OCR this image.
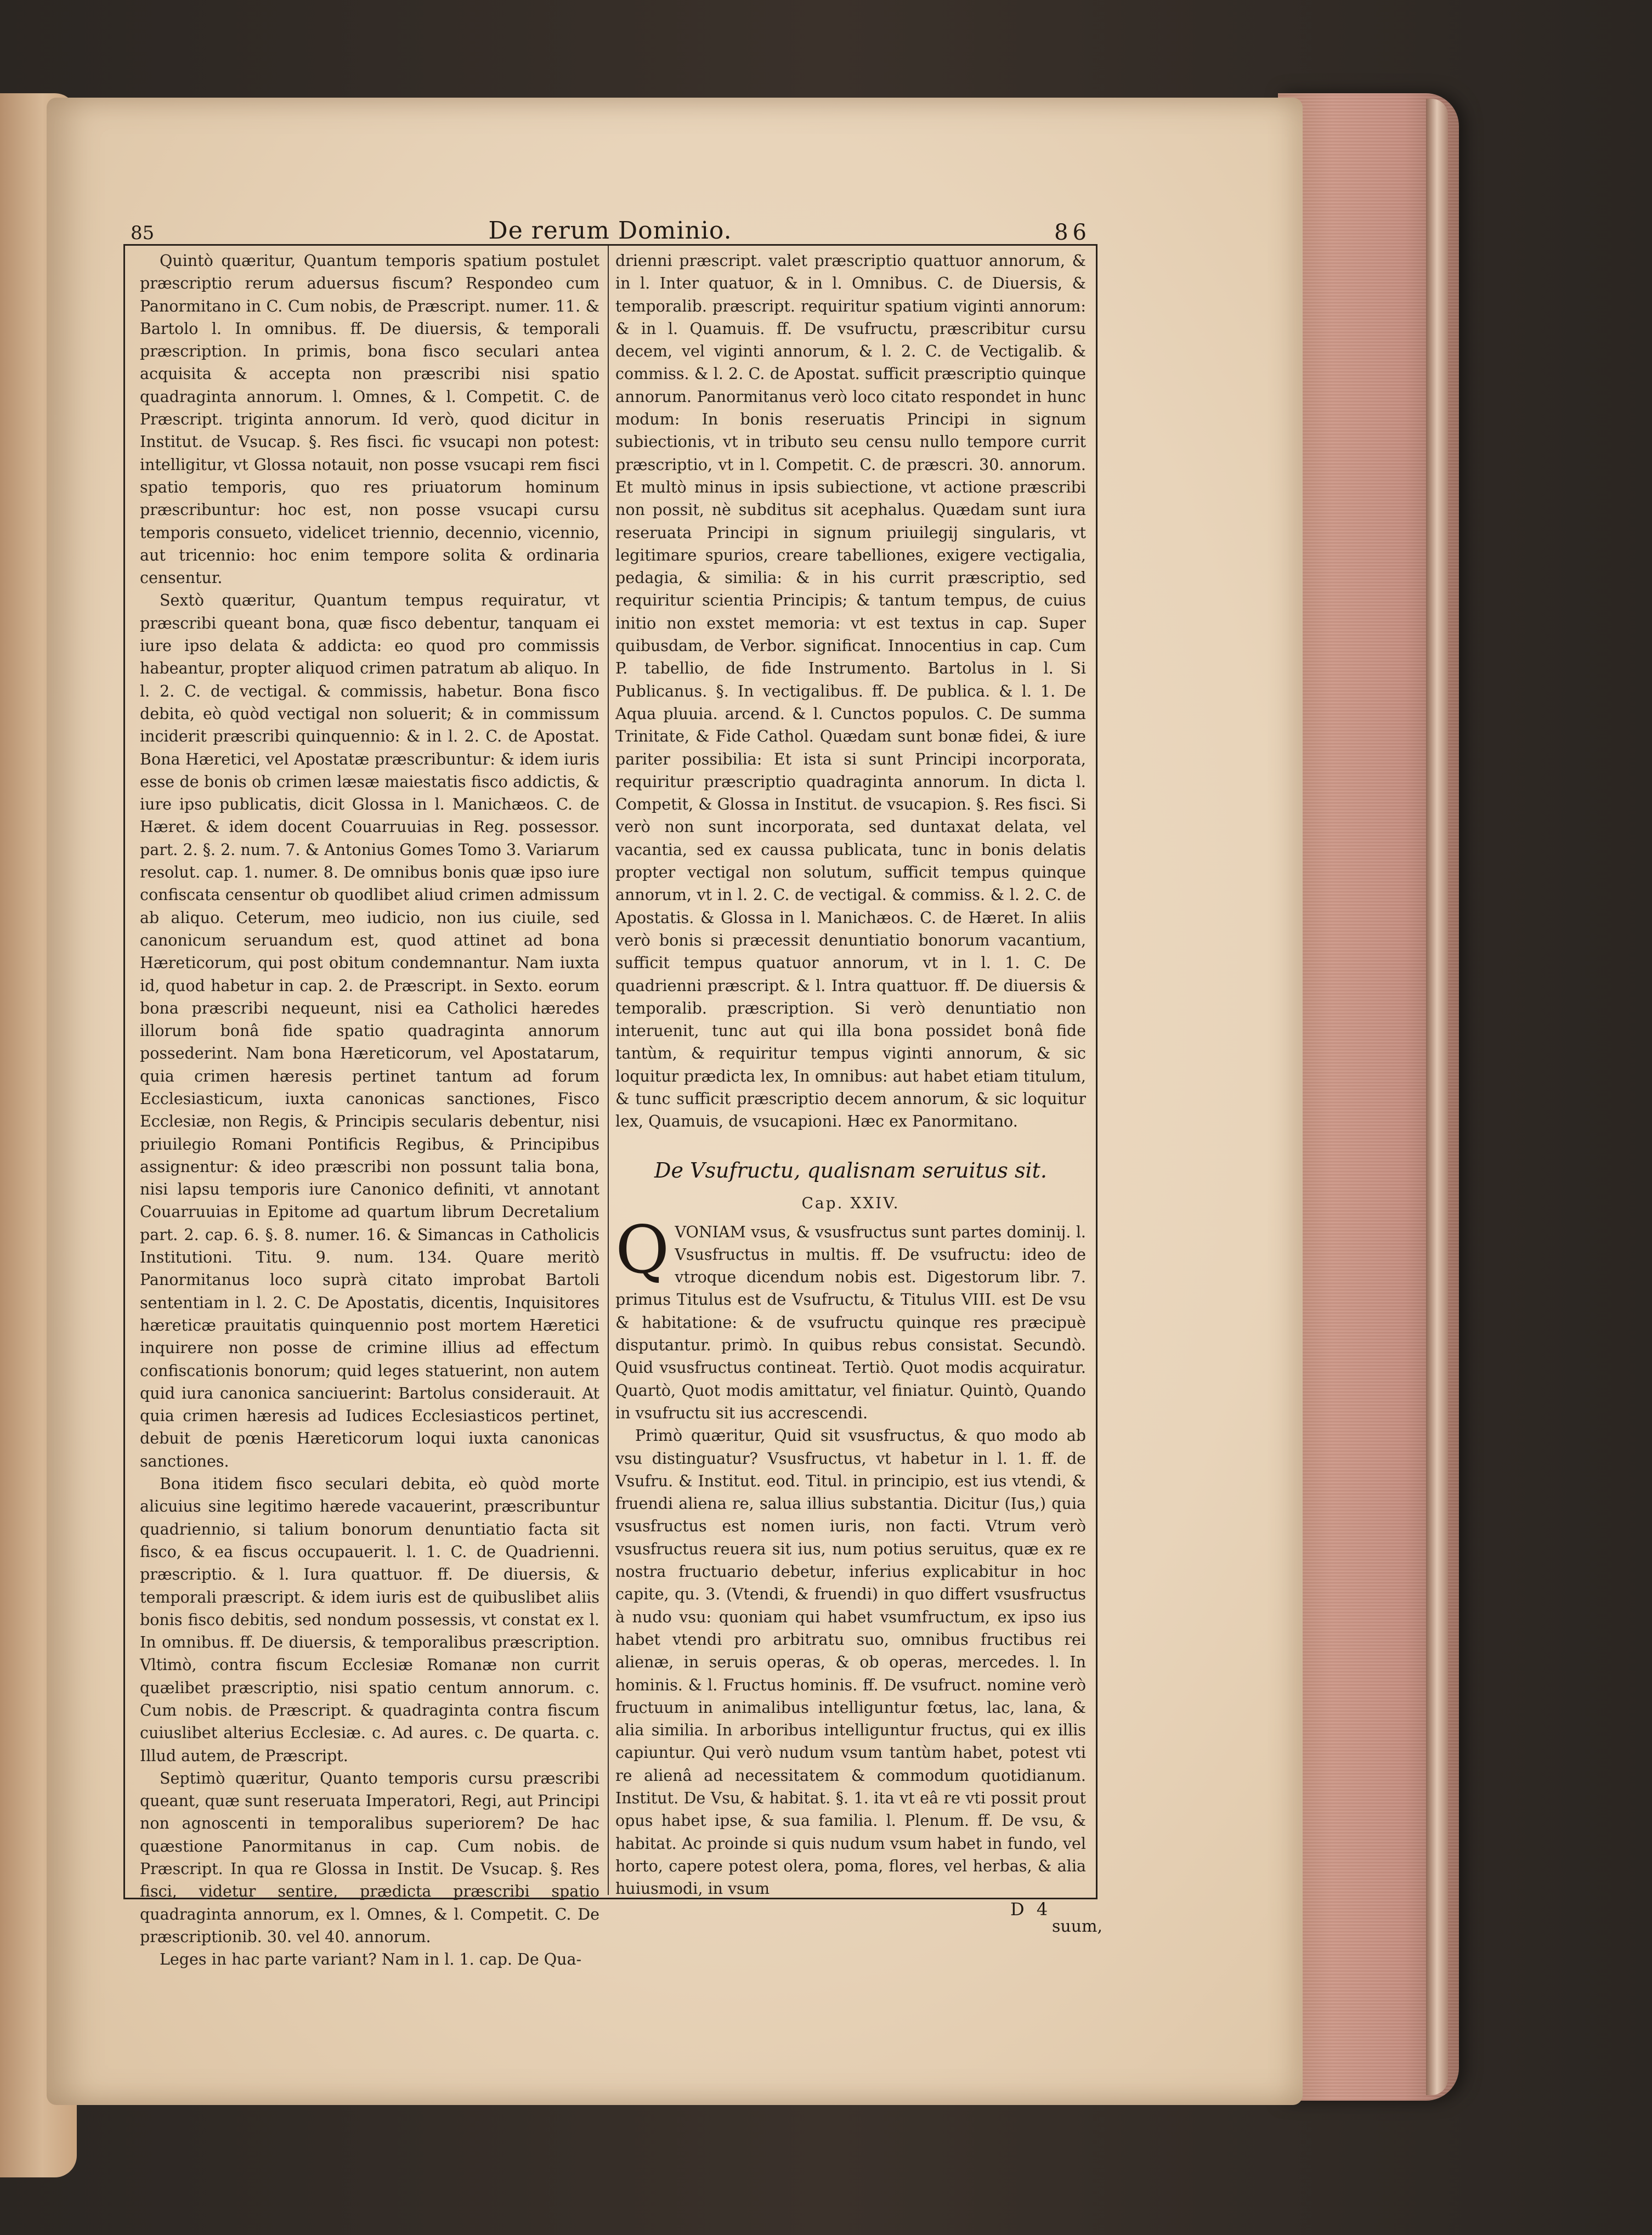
85	De rerum Dominio.	86

Quintò quæritur, Quantum temporis spatium postulet præscriptio rerum aduersus fiscum? Respondeo cum Panormitano in C. Cum nobis, de Præscript. numer. 11. & Bartolo l. In omnibus. ff. De diuersis, & temporali præscription. In primis, bona fisco seculari antea acquisita & accepta non præscribi nisi spatio quadraginta annorum. l. Omnes, & l. Competit. C. de Præscript. triginta annorum. Id verò, quod dicitur in Institut. de Vsucap. §. Res fisci. fic vsucapi non potest: intelligitur, vt Glossa notauit, non posse vsucapi rem fisci spatio temporis, quo res priuatorum hominum præscribuntur: hoc est, non posse vsucapi cursu temporis consueto, videlicet triennio, decennio, vicennio, aut tricennio: hoc enim tempore solita & ordinaria censentur.

Sextò quæritur, Quantum tempus requiratur, vt præscribi queant bona, quæ fisco debentur, tanquam ei iure ipso delata & addicta: eo quod pro commissis habeantur, propter aliquod crimen patratum ab aliquo. In l. 2. C. de vectigal. & commissis, habetur. Bona fisco debita, eò quòd vectigal non soluerit; & in commissum inciderit præscribi quinquennio: & in l. 2. C. de Apostat. Bona Hæretici, vel Apostatæ præscribuntur: & idem iuris esse de bonis ob crimen læsæ maiestatis fisco addictis, & iure ipso publicatis, dicit Glossa in l. Manichæos. C. de Hæret. & idem docent Couarruuias in Reg. possessor. part. 2. §. 2. num. 7. & Antonius Gomes Tomo 3. Variarum resolut. cap. 1. numer. 8. De omnibus bonis quæ ipso iure confiscata censentur ob quodlibet aliud crimen admissum ab aliquo. Ceterum, meo iudicio, non ius ciuile, sed canonicum seruandum est, quod attinet ad bona Hæreticorum, qui post obitum condemnantur. Nam iuxta id, quod habetur in cap. 2. de Præscript. in Sexto. eorum bona præscribi nequeunt, nisi ea Catholici hæredes illorum bonâ fide spatio quadraginta annorum possederint. Nam bona Hæreticorum, vel Apostatarum, quia crimen hæresis pertinet tantum ad forum Ecclesiasticum, iuxta canonicas sanctiones, Fisco Ecclesiæ, non Regis, & Principis secularis debentur, nisi priuilegio Romani Pontificis Regibus, & Principibus assignentur: & ideo præscribi non possunt talia bona, nisi lapsu temporis iure Canonico definiti, vt annotant Couarruuias in Epitome ad quartum librum Decretalium part. 2. cap. 6. §. 8. numer. 16. & Simancas in Catholicis Institutioni. Titu. 9. num. 134. Quare meritò Panormitanus loco suprà citato improbat Bartoli sententiam in l. 2. C. De Apostatis, dicentis, Inquisitores hæreticæ prauitatis quinquennio post mortem Hæretici inquirere non posse de crimine illius ad effectum confiscationis bonorum; quid leges statuerint, non autem quid iura canonica sanciuerint: Bartolus considerauit. At quia crimen hæresis ad Iudices Ecclesiasticos pertinet, debuit de pœnis Hæreticorum loqui iuxta canonicas sanctiones.

Bona itidem fisco seculari debita, eò quòd morte alicuius sine legitimo hærede vacauerint, præscribuntur quadriennio, si talium bonorum denuntiatio facta sit fisco, & ea fiscus occupauerit. l. 1. C. de Quadrienni. præscriptio. & l. Iura quattuor. ff. De diuersis, & temporali præscript. & idem iuris est de quibuslibet aliis bonis fisco debitis, sed nondum possessis, vt constat ex l. In omnibus. ff. De diuersis, & temporalibus præscription. Vltimò, contra fiscum Ecclesiæ Romanæ non currit quælibet præscriptio, nisi spatio centum annorum. c. Cum nobis. de Præscript. & quadraginta contra fiscum cuiuslibet alterius Ecclesiæ. c. Ad aures. c. De quarta. c. Illud autem, de Præscript.

Septimò quæritur, Quanto temporis cursu præscribi queant, quæ sunt reseruata Imperatori, Regi, aut Principi non agnoscenti in temporalibus superiorem? De hac quæstione Panormitanus in cap. Cum nobis. de Præscript. In qua re Glossa in Instit. De Vsucap. §. Res fisci, videtur sentire, prædicta præscribi spatio quadraginta annorum, ex l. Omnes, & l. Competit. C. De præscriptionib. 30. vel 40. annorum.

Leges in hac parte variant? Nam in l. 1. cap. De Qua-

drienni præscript. valet præscriptio quattuor annorum, & in l. Inter quatuor, & in l. Omnibus. C. de Diuersis, & temporalib. præscript. requiritur spatium viginti annorum: & in l. Quamuis. ff. De vsufructu, præscribitur cursu decem, vel viginti annorum, & l. 2. C. de Vectigalib. & commiss. & l. 2. C. de Apostat. sufficit præscriptio quinque annorum. Panormitanus verò loco citato respondet in hunc modum: In bonis reseruatis Principi in signum subiectionis, vt in tributo seu censu nullo tempore currit præscriptio, vt in l. Competit. C. de præscri. 30. annorum. Et multò minus in ipsis subiectione, vt actione præscribi non possit, nè subditus sit acephalus. Quædam sunt iura reseruata Principi in signum priuilegij singularis, vt legitimare spurios, creare tabelliones, exigere vectigalia, pedagia, & similia: & in his currit præscriptio, sed requiritur scientia Principis; & tantum tempus, de cuius initio non exstet memoria: vt est textus in cap. Super quibusdam, de Verbor. significat. Innocentius in cap. Cum P. tabellio, de fide Instrumento. Bartolus in l. Si Publicanus. §. In vectigalibus. ff. De publica. & l. 1. De Aqua pluuia. arcend. & l. Cunctos populos. C. De summa Trinitate, & Fide Cathol. Quædam sunt bonæ fidei, & iure pariter possibilia: Et ista si sunt Principi incorporata, requiritur præscriptio quadraginta annorum. In dicta l. Competit, & Glossa in Institut. de vsucapion. §. Res fisci. Si verò non sunt incorporata, sed duntaxat delata, vel vacantia, sed ex caussa publicata, tunc in bonis delatis propter vectigal non solutum, sufficit tempus quinque annorum, vt in l. 2. C. de vectigal. & commiss. & l. 2. C. de Apostatis. & Glossa in l. Manichæos. C. de Hæret. In aliis verò bonis si præcessit denuntiatio bonorum vacantium, sufficit tempus quatuor annorum, vt in l. 1. C. De quadrienni præscript. & l. Intra quattuor. ff. De diuersis & temporalib. præscription. Si verò denuntiatio non interuenit, tunc aut qui illa bona possidet bonâ fide tantùm, & requiritur tempus viginti annorum, & sic loquitur prædicta lex, In omnibus: aut habet etiam titulum, & tunc sufficit præscriptio decem annorum, & sic loquitur lex, Quamuis, de vsucapioni. Hæc ex Panormitano.

De Vsufructu, qualisnam seruitus sit.

Cap. XXIV.

QVONIAM vsus, & vsusfructus sunt partes dominij. l. Vsusfructus in multis. ff. De vsufructu: ideo de vtroque dicendum nobis est. Digestorum libr. 7. primus Titulus est de Vsufructu, & Titulus VIII. est De vsu & habitatione: & de vsufructu quinque res præcipuè disputantur. primò. In quibus rebus consistat. Secundò. Quid vsusfructus contineat. Tertiò. Quot modis acquiratur. Quartò, Quot modis amittatur, vel finiatur. Quintò, Quando in vsufructu sit ius accrescendi.

Primò quæritur, Quid sit vsusfructus, & quo modo ab vsu distinguatur? Vsusfructus, vt habetur in l. 1. ff. de Vsufru. & Institut. eod. Titul. in principio, est ius vtendi, & fruendi aliena re, salua illius substantia. Dicitur (Ius,) quia vsusfructus est nomen iuris, non facti. Vtrum verò vsusfructus reuera sit ius, num potius seruitus, quæ ex re nostra fructuario debetur, inferius explicabitur in hoc capite, qu. 3. (Vtendi, & fruendi) in quo differt vsusfructus à nudo vsu: quoniam qui habet vsumfructum, ex ipso ius habet vtendi pro arbitratu suo, omnibus fructibus rei alienæ, in seruis operas, & ob operas, mercedes. l. In hominis. & l. Fructus hominis. ff. De vsufruct. nomine verò fructuum in animalibus intelliguntur fœtus, lac, lana, & alia similia. In arboribus intelliguntur fructus, qui ex illis capiuntur. Qui verò nudum vsum tantùm habet, potest vti re alienâ ad necessitatem & commodum quotidianum. Institut. De Vsu, & habitat. §. 1. ita vt eâ re vti possit prout opus habet ipse, & sua familia. l. Plenum. ff. De vsu, & habitat. Ac proinde si quis nudum vsum habet in fundo, vel horto, capere potest olera, poma, flores, vel herbas, & alia huiusmodi, in vsum

D 4
suum,
